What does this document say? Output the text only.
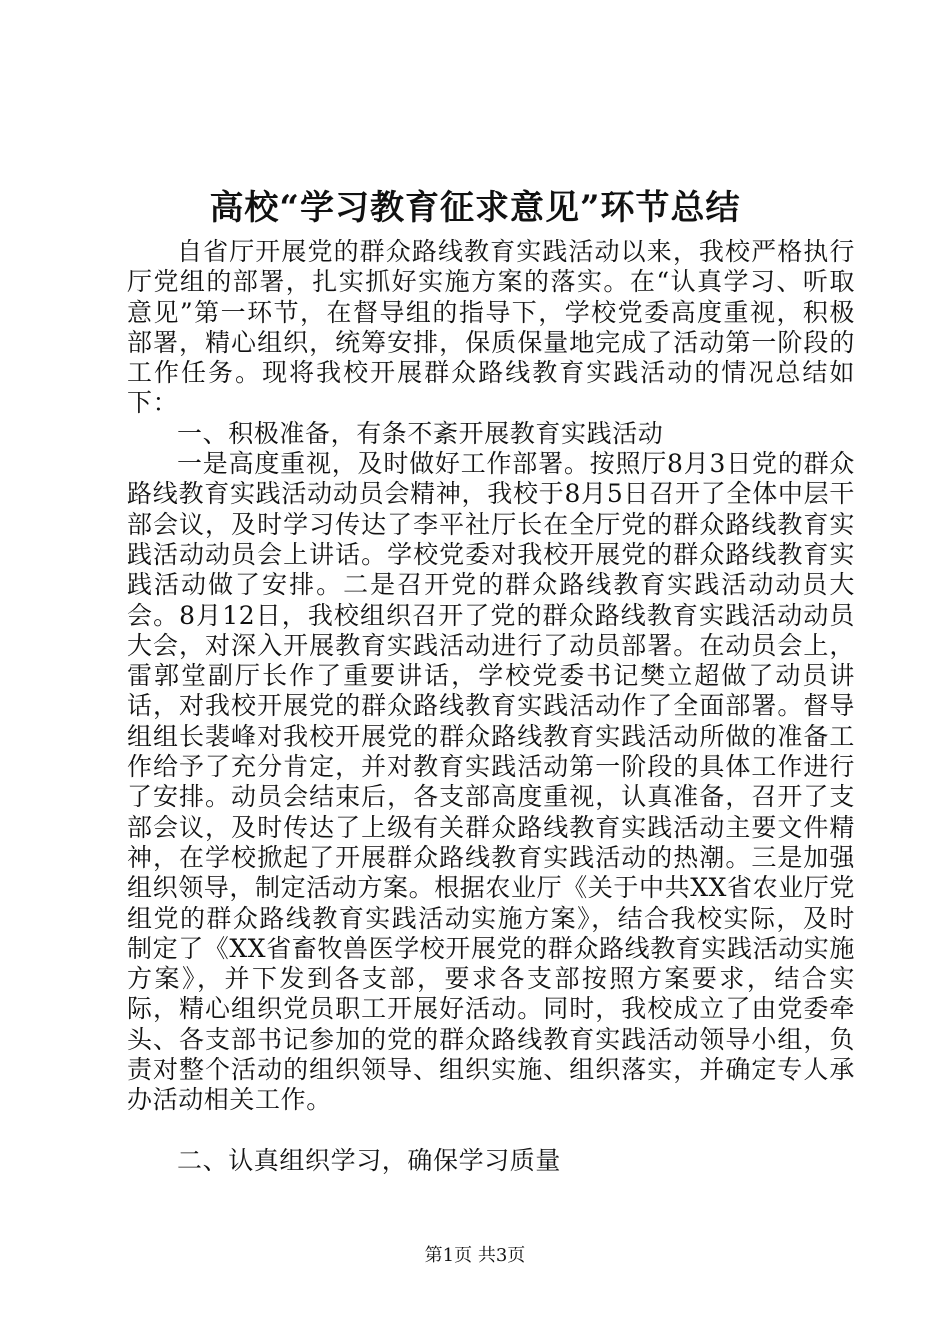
高校“学习教育征求意见”环节总结

自省厅开展党的群众路线教育实践活动以来，我校严格执行厅党组的部署，扎实抓好实施方案的落实。在“认真学习、听取意见”第一环节，在督导组的指导下，学校党委高度重视，积极部署，精心组织，统筹安排，保质保量地完成了活动第一阶段的工作任务。现将我校开展群众路线教育实践活动的情况总结如下：

一、积极准备，有条不紊开展教育实践活动

一是高度重视，及时做好工作部署。按照厅8月3日党的群众路线教育实践活动动员会精神，我校于8月5日召开了全体中层干部会议，及时学习传达了李平社厅长在全厅党的群众路线教育实践活动动员会上讲话。学校党委对我校开展党的群众路线教育实践活动做了安排。二是召开党的群众路线教育实践活动动员大会。8月12日，我校组织召开了党的群众路线教育实践活动动员大会，对深入开展教育实践活动进行了动员部署。在动员会上，雷郭堂副厅长作了重要讲话，学校党委书记樊立超做了动员讲话，对我校开展党的群众路线教育实践活动作了全面部署。督导组组长裴峰对我校开展党的群众路线教育实践活动所做的准备工作给予了充分肯定，并对教育实践活动第一阶段的具体工作进行了安排。动员会结束后，各支部高度重视，认真准备，召开了支部会议，及时传达了上级有关群众路线教育实践活动主要文件精神，在学校掀起了开展群众路线教育实践活动的热潮。三是加强组织领导，制定活动方案。根据农业厅《关于中共XX省农业厅党组党的群众路线教育实践活动实施方案》，结合我校实际，及时制定了《XX省畜牧兽医学校开展党的群众路线教育实践活动实施方案》，并下发到各支部，要求各支部按照方案要求，结合实际，精心组织党员职工开展好活动。同时，我校成立了由党委牵头、各支部书记参加的党的群众路线教育实践活动领导小组，负责对整个活动的组织领导、组织实施、组织落实，并确定专人承办活动相关工作。

二、认真组织学习，确保学习质量

第1页 共3页
